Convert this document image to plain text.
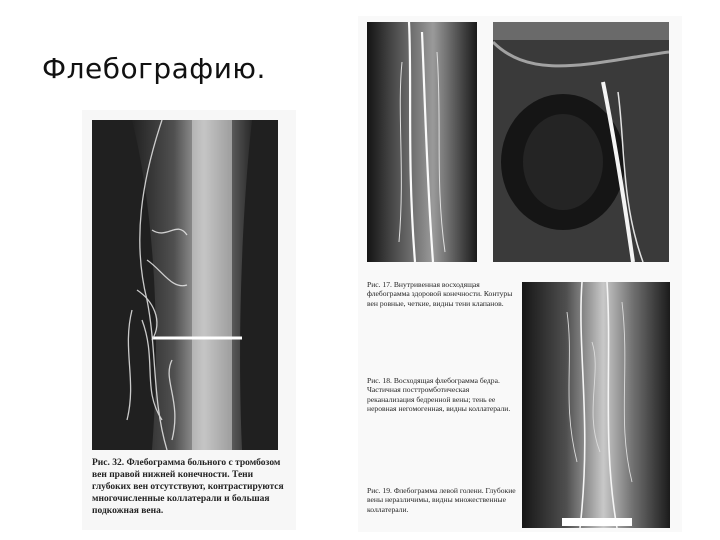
Флебографию.
Рис. 32. Флебограмма больного с тромбозом вен правой нижней конечности. Тени глубоких вен отсутствуют, контрастируются многочисленные коллатерали и большая подкожная вена.
Рис. 17. Внутривенная восходящая флебограмма здоровой конечности. Контуры вен ровные, четкие, видны тени клапанов.
Рис. 18. Восходящая флебограмма бедра. Частичная посттромботическая реканализация бедренной вены; тень ее неровная негомогенная, видны коллатерали.
Рис. 19. Флебограмма левой голени. Глубокие вены неразличимы, видны множественные коллатерали.
